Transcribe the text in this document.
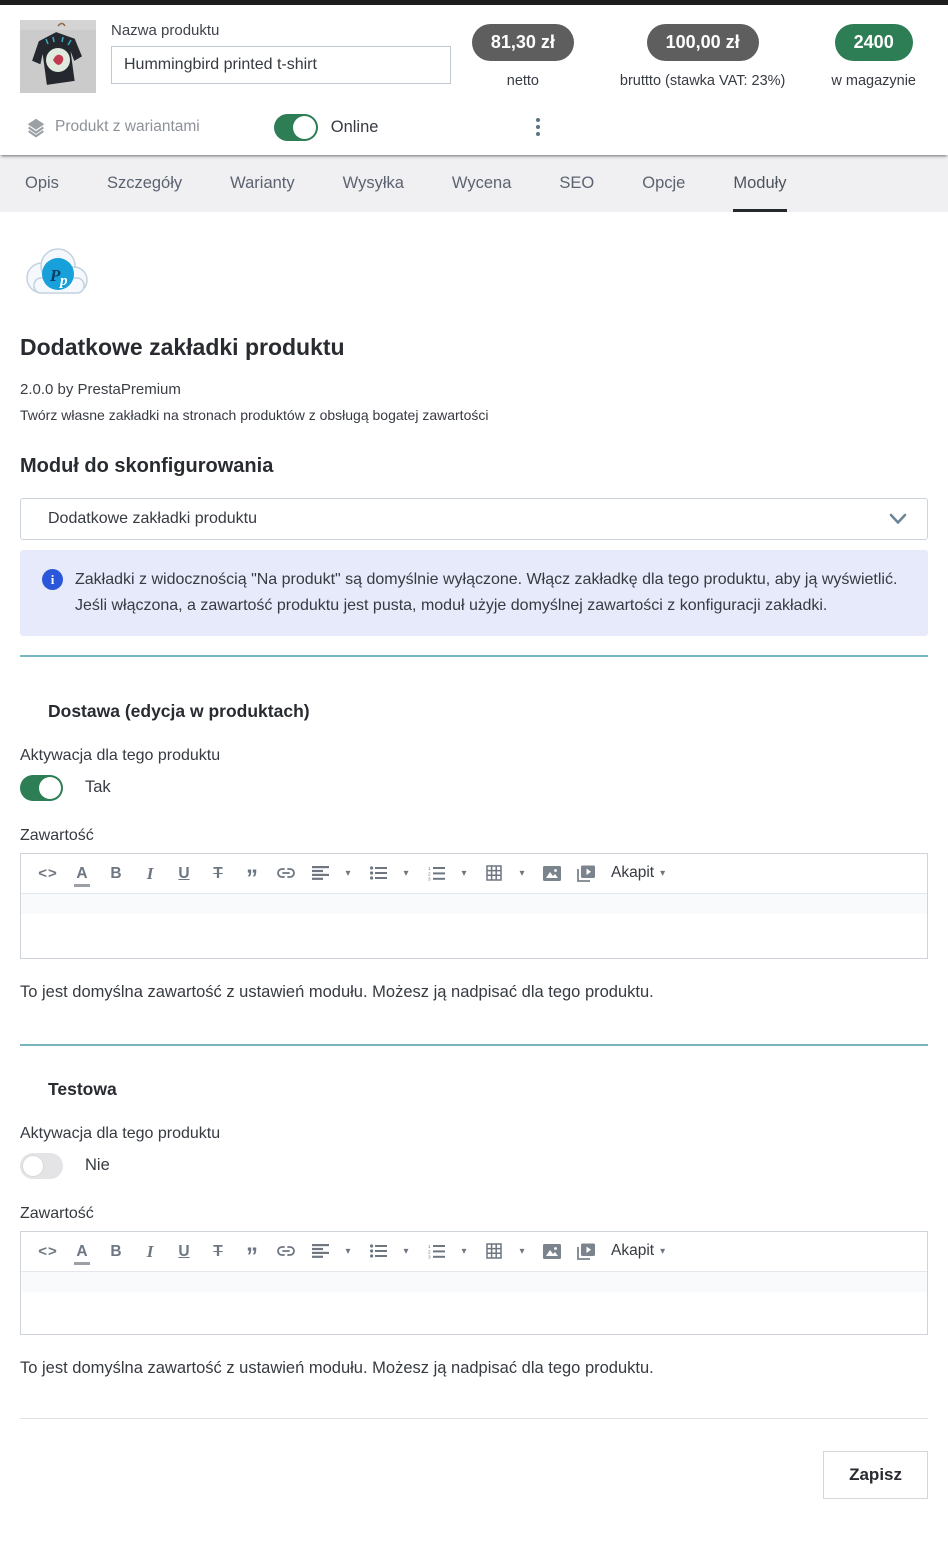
Nazwa produktu
Hummingbird printed t-shirt
81,30 zł
netto
100,00 zł
bruttto (stawka VAT: 23%)
2400
w magazynie
Produkt z wariantami	Online
Opis	Szczegóły	Warianty	Wysyłka	Wycena	SEO	Opcje	Moduły
P p
Dodatkowe zakładki produktu
2.0.0 by PrestaPremium
Twórz własne zakładki na stronach produktów z obsługą bogatej zawartości
Moduł do skonfigurowania
Dodatkowe zakładki produktu
i	Zakładki z widocznością "Na produkt" są domyślnie wyłączone. Włącz zakładkę dla tego produktu, aby ją wyświetlić. Jeśli włączona, a zawartość produktu jest pusta, moduł użyje domyślnej zawartości z konfiguracji zakładki.
Dostawa (edycja w produktach)
Aktywacja dla tego produktu
Tak
Zawartość
<> A B I U T ”	▾	▾	1
2
3
▾	▾	Akapit ▾
To jest domyślna zawartość z ustawień modułu. Możesz ją nadpisać dla tego produktu.
Testowa
Aktywacja dla tego produktu
Nie
Zawartość
<> A B I U T ”	▾	▾	1
2
3
▾	▾	Akapit ▾
To jest domyślna zawartość z ustawień modułu. Możesz ją nadpisać dla tego produktu.
Zapisz
